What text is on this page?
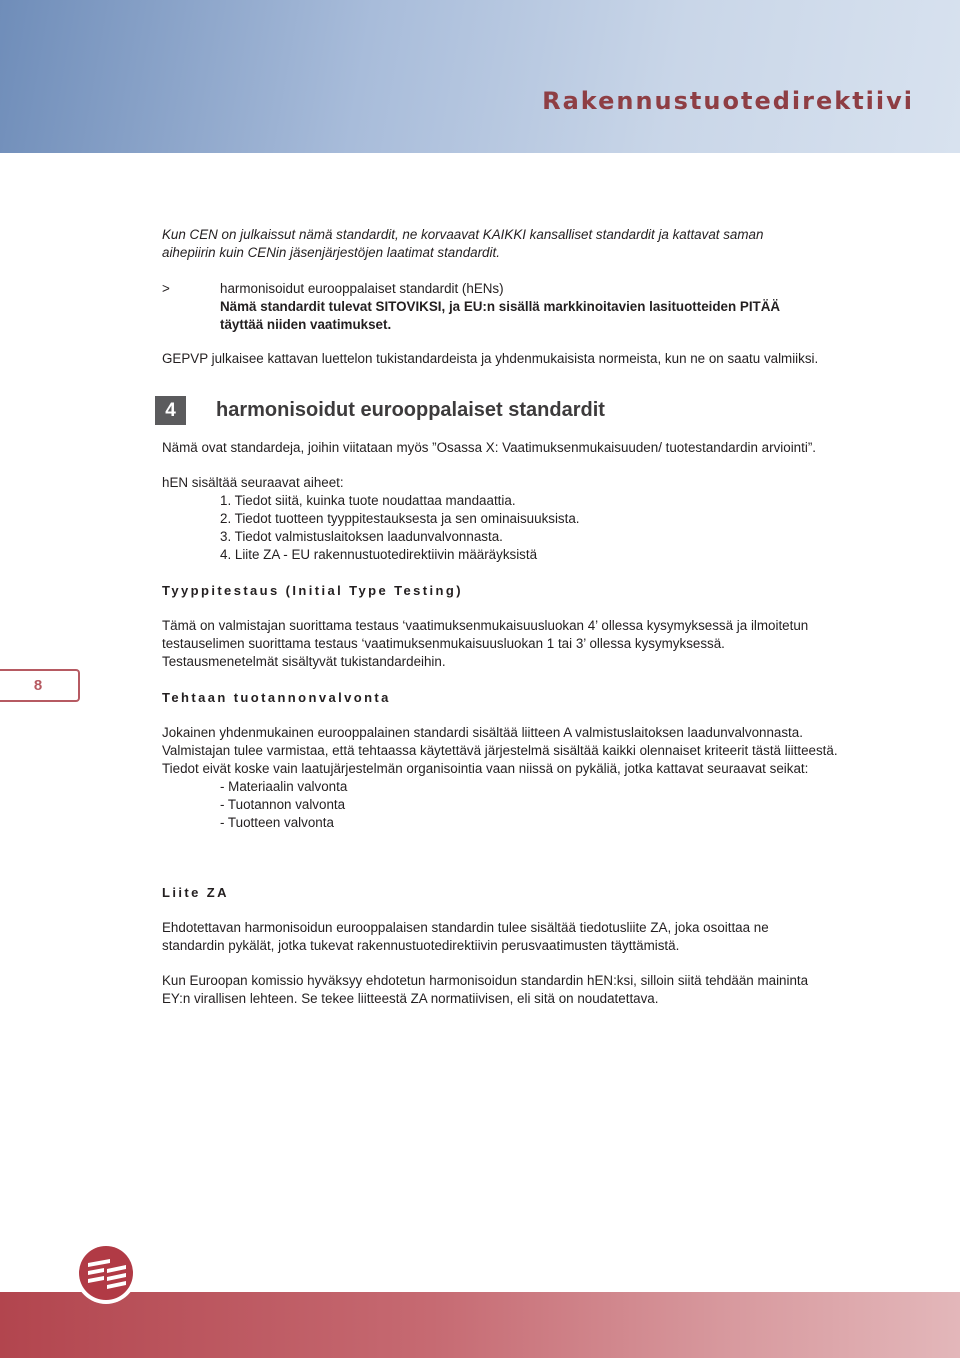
Rakennustuotedirektiivi

Kun CEN on julkaissut nämä standardit, ne korvaavat KAIKKI kansalliset standardit ja kattavat saman

aihepiirin kuin CENin jäsenjärjestöjen laatimat standardit.

>	harmonisoidut eurooppalaiset standardit (hENs)

Nämä standardit tulevat SITOVIKSI, ja EU:n sisällä markkinoitavien lasituotteiden PITÄÄ

täyttää niiden vaatimukset.

GEPVP julkaisee kattavan luettelon tukistandardeista ja yhdenmukaisista normeista, kun ne on saatu valmiiksi.

4	harmonisoidut eurooppalaiset standardit

Nämä ovat standardeja, joihin viitataan myös ”Osassa X: Vaatimuksenmukaisuuden/ tuotestandardin arviointi”.

hEN sisältää seuraavat aiheet:

1. Tiedot siitä, kuinka tuote noudattaa mandaattia.
2. Tiedot tuotteen tyyppitestauksesta ja sen ominaisuuksista.
3. Tiedot valmistuslaitoksen laadunvalvonnasta.
4. Liite ZA - EU rakennustuotedirektiivin määräyksistä
Tyyppitestaus (Initial Type Testing)

Tämä on valmistajan suorittama testaus ‘vaatimuksenmukaisuusluokan 4’ ollessa kysymyksessä ja ilmoitetun

testauselimen suorittama testaus ‘vaatimuksenmukaisuusluokan 1 tai 3’ ollessa kysymyksessä.

Testausmenetelmät sisältyvät tukistandardeihin.

8
Tehtaan tuotannonvalvonta

Jokainen yhdenmukainen eurooppalainen standardi sisältää liitteen A valmistuslaitoksen laadunvalvonnasta.

Valmistajan tulee varmistaa, että tehtaassa käytettävä järjestelmä sisältää kaikki olennaiset kriteerit tästä liitteestä.

Tiedot eivät koske vain laatujärjestelmän organisointia vaan niissä on pykäliä, jotka kattavat seuraavat seikat:

- Materiaalin valvonta
- Tuotannon valvonta
- Tuotteen valvonta
Liite ZA

Ehdotettavan harmonisoidun eurooppalaisen standardin tulee sisältää tiedotusliite ZA, joka osoittaa ne

standardin pykälät, jotka tukevat rakennustuotedirektiivin perusvaatimusten täyttämistä.

Kun Euroopan komissio hyväksyy ehdotetun harmonisoidun standardin hEN:ksi, silloin siitä tehdään maininta

EY:n virallisen lehteen. Se tekee liitteestä ZA normatiivisen, eli sitä on noudatettava.
